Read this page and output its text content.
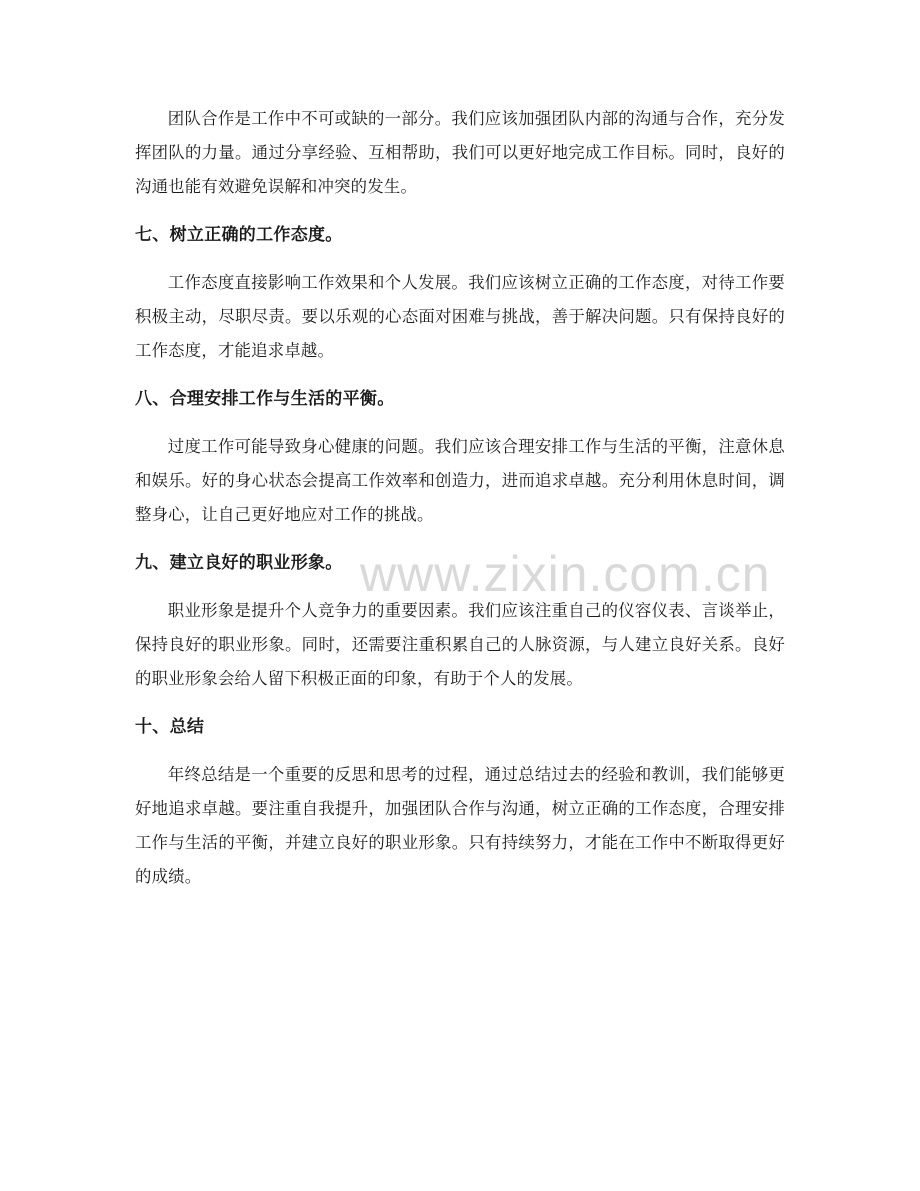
团队合作是工作中不可或缺的一部分。我们应该加强团队内部的沟通与合作，充分发挥团队的力量。通过分享经验、互相帮助，我们可以更好地完成工作目标。同时，良好的沟通也能有效避免误解和冲突的发生。

七、树立正确的工作态度。

工作态度直接影响工作效果和个人发展。我们应该树立正确的工作态度，对待工作要积极主动，尽职尽责。要以乐观的心态面对困难与挑战，善于解决问题。只有保持良好的工作态度，才能追求卓越。

八、合理安排工作与生活的平衡。

过度工作可能导致身心健康的问题。我们应该合理安排工作与生活的平衡，注意休息和娱乐。好的身心状态会提高工作效率和创造力，进而追求卓越。充分利用休息时间，调整身心，让自己更好地应对工作的挑战。

九、建立良好的职业形象。

职业形象是提升个人竞争力的重要因素。我们应该注重自己的仪容仪表、言谈举止，保持良好的职业形象。同时，还需要注重积累自己的人脉资源，与人建立良好关系。良好的职业形象会给人留下积极正面的印象，有助于个人的发展。

十、总结

年终总结是一个重要的反思和思考的过程，通过总结过去的经验和教训，我们能够更好地追求卓越。要注重自我提升，加强团队合作与沟通，树立正确的工作态度，合理安排工作与生活的平衡，并建立良好的职业形象。只有持续努力，才能在工作中不断取得更好的成绩。

www.zixin.com.cn
